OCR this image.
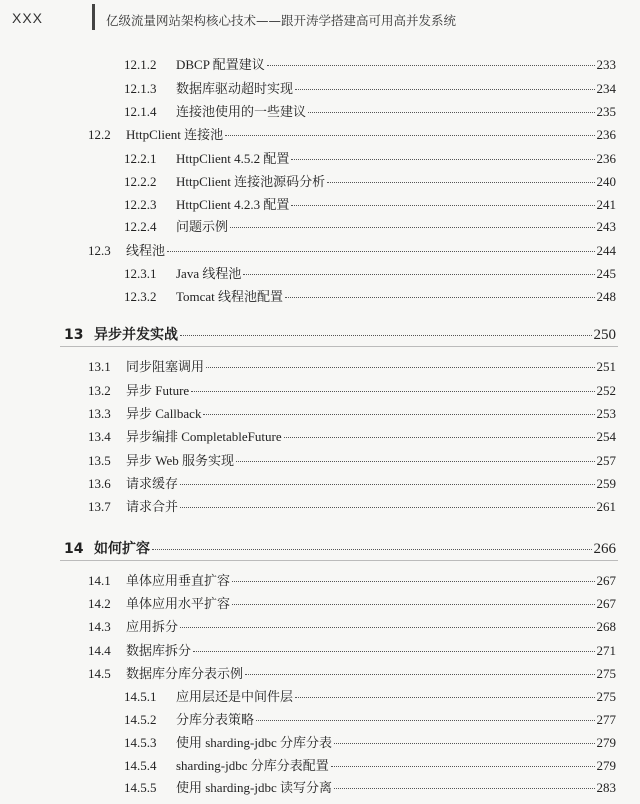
XXX	亿级流量网站架构核心技术——跟开涛学搭建高可用高并发系统
12.1.2	DBCP 配置建议	233
12.1.3	数据库驱动超时实现	234
12.1.4	连接池使用的一些建议	235
12.2	HttpClient 连接池	236
12.2.1	HttpClient 4.5.2 配置	236
12.2.2	HttpClient 连接池源码分析	240
12.2.3	HttpClient 4.2.3 配置	241
12.2.4	问题示例	243
12.3	线程池	244
12.3.1	Java 线程池	245
12.3.2	Tomcat 线程池配置	248
13 异步并发实战	250
13.1	同步阻塞调用	251
13.2	异步 Future	252
13.3	异步 Callback	253
13.4	异步编排 CompletableFuture	254
13.5	异步 Web 服务实现	257
13.6	请求缓存	259
13.7	请求合并	261
14 如何扩容	266
14.1	单体应用垂直扩容	267
14.2	单体应用水平扩容	267
14.3	应用拆分	268
14.4	数据库拆分	271
14.5	数据库分库分表示例	275
14.5.1	应用层还是中间件层	275
14.5.2	分库分表策略	277
14.5.3	使用 sharding-jdbc 分库分表	279
14.5.4	sharding-jdbc 分库分表配置	279
14.5.5	使用 sharding-jdbc 读写分离	283
